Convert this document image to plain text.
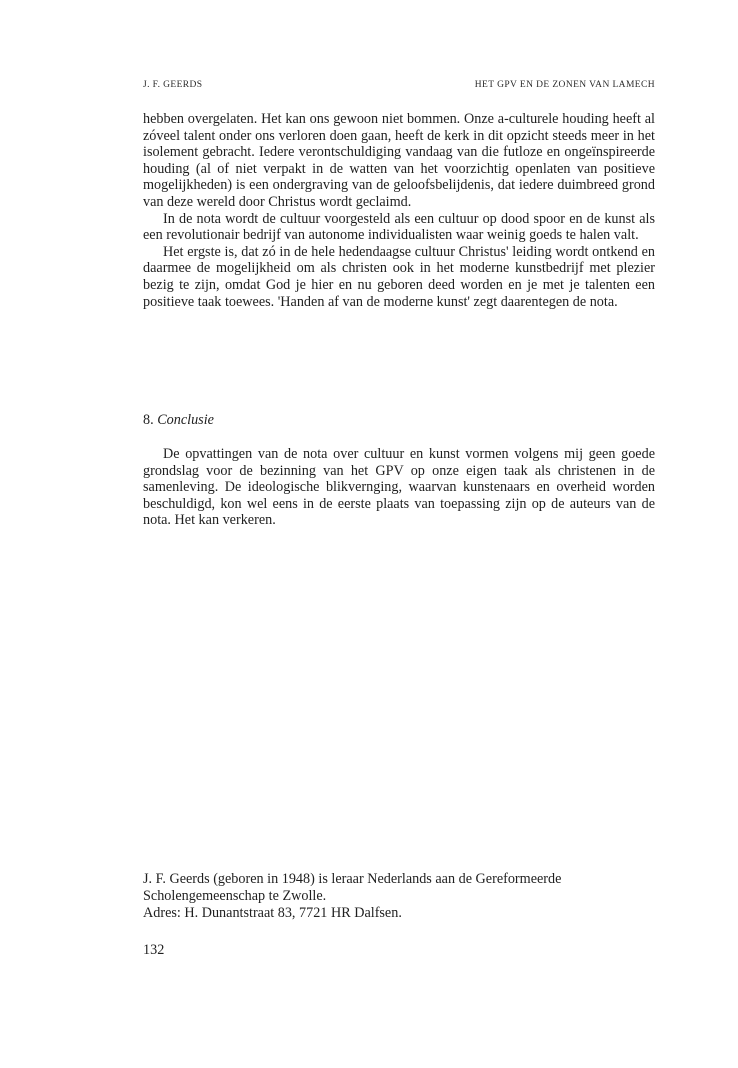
J. F. GEERDS	HET GPV EN DE ZONEN VAN LAMECH

hebben overgelaten. Het kan ons gewoon niet bommen. Onze a-culturele houding heeft al zóveel talent onder ons verloren doen gaan, heeft de kerk in dit opzicht steeds meer in het isolement gebracht. Iedere verontschuldiging vandaag van die futloze en ongeïnspireerde houding (al of niet verpakt in de watten van het voorzichtig openlaten van positieve mogelijkheden) is een ondergraving van de geloofsbelijdenis, dat iedere duimbreed grond van deze wereld door Christus wordt geclaimd.

In de nota wordt de cultuur voorgesteld als een cultuur op dood spoor en de kunst als een revolutionair bedrijf van autonome individualisten waar weinig goeds te halen valt.

Het ergste is, dat zó in de hele hedendaagse cultuur Christus' leiding wordt ontkend en daarmee de mogelijkheid om als christen ook in het moderne kunstbedrijf met plezier bezig te zijn, omdat God je hier en nu geboren deed worden en je met je talenten een positieve taak toewees. 'Handen af van de moderne kunst' zegt daarentegen de nota.

8. Conclusie

De opvattingen van de nota over cultuur en kunst vormen volgens mij geen goede grondslag voor de bezinning van het GPV op onze eigen taak als christenen in de samenleving. De ideologische blikvernging, waarvan kunstenaars en overheid worden beschuldigd, kon wel eens in de eerste plaats van toepassing zijn op de auteurs van de nota. Het kan verkeren.

J. F. Geerds (geboren in 1948) is leraar Nederlands aan de Gereformeerde Scholengemeenschap te Zwolle.

Adres: H. Dunantstraat 83, 7721 HR Dalfsen.

132
